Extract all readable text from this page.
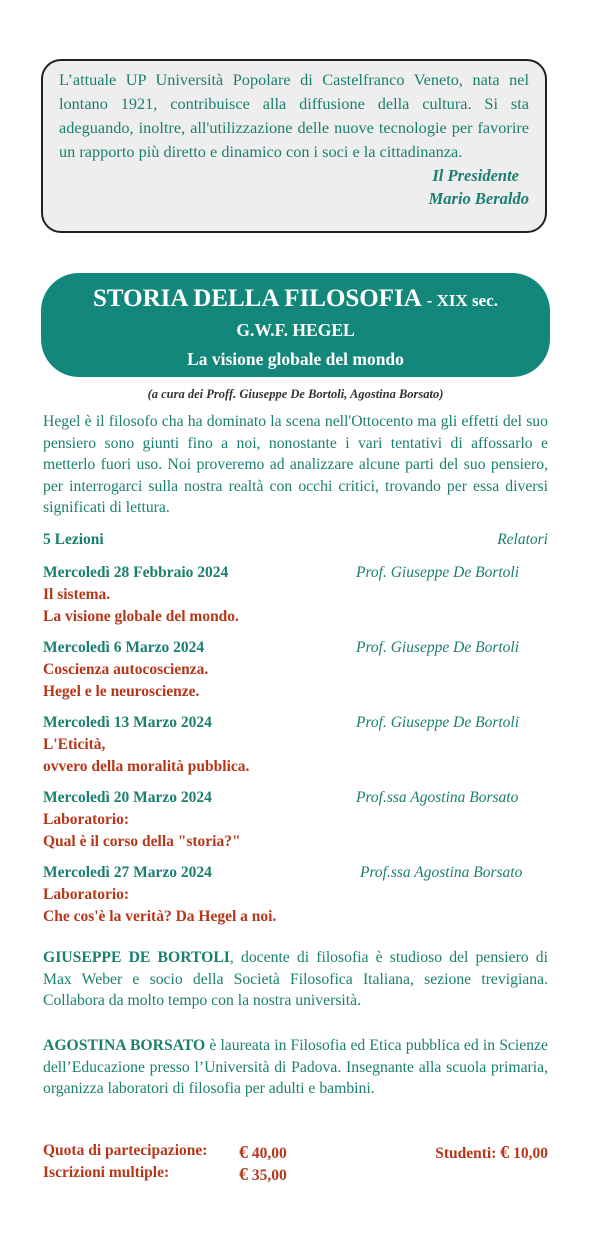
L’attuale UP Università Popolare di Castelfranco Veneto, nata nel lontano 1921, contribuisce alla diffusione della cultura. Si sta adeguando, inoltre, all'utilizzazione delle nuove tecnologie per favorire un rapporto più diretto e dinamico con i soci e la cittadinanza.

Il Presidente
Mario Beraldo

STORIA DELLA FILOSOFIA - XIX sec.
G.W.F. HEGEL
La visione globale del mondo
(a cura dei Proff. Giuseppe De Bortoli, Agostina Borsato)

Hegel è il filosofo cha ha dominato la scena nell'Ottocento ma gli effetti del suo pensiero sono giunti fino a noi, nonostante i vari tentativi di affossarlo e metterlo fuori uso. Noi proveremo ad analizzare alcune parti del suo pensiero, per interrogarci sulla nostra realtà con occhi critici, trovando per essa diversi significati di lettura.

5 Lezioni	Relatori
Mercoledì 28 Febbraio 2024	Prof. Giuseppe De Bortoli
Il sistema.
La visione globale del mondo.
Mercoledì 6 Marzo 2024	Prof. Giuseppe De Bortoli
Coscienza autocoscienza.
Hegel e le neuroscienze.
Mercoledì 13 Marzo 2024	Prof. Giuseppe De Bortoli
L'Eticità,
ovvero della moralità pubblica.
Mercoledì 20 Marzo 2024	Prof.ssa Agostina Borsato
Laboratorio:
Qual è il corso della "storia?"
Mercoledì 27 Marzo 2024	Prof.ssa Agostina Borsato
Laboratorio:
Che cos'è la verità? Da Hegel a noi.

GIUSEPPE DE BORTOLI, docente di filosofia è studioso del pensiero di Max Weber e socio della Società Filosofica Italiana, sezione trevigiana. Collabora da molto tempo con la nostra università.

AGOSTINA BORSATO è laureata in Filosofia ed Etica pubblica ed in Scienze dell’Educazione presso l’Università di Padova. Insegnante alla scuola primaria, organizza laboratori di filosofia per adulti e bambini.

Quota di partecipazione: € 40,00	Studenti: € 10,00
Iscrizioni multiple:	€ 35,00
